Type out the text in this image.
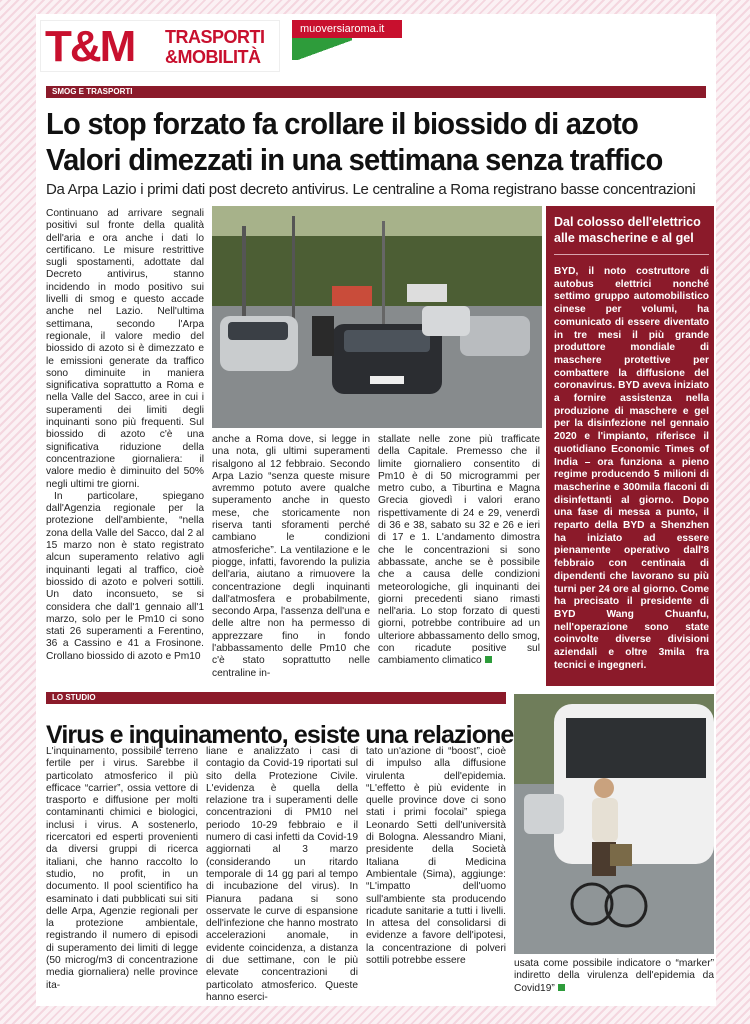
T&M TRASPORTI
&MOBILITÀ
muoversiaroma.it
SMOG E TRASPORTI
Lo stop forzato fa crollare il biossido di azoto
Valori dimezzati in una settimana senza traffico
Da Arpa Lazio i primi dati post decreto antivirus. Le centraline a Roma registrano basse concentrazioni

Continuano ad arrivare segnali positivi sul fronte della qualità dell'aria e ora anche i dati lo certificano. Le misure restrittive sugli spostamenti, adottate dal Decreto antivirus, stanno incidendo in modo positivo sui livelli di smog e questo accade anche nel Lazio. Nell'ultima settimana, secondo l'Arpa regionale, il valore medio del biossido di azoto si è dimezzato e le emissioni generate da traffico sono diminuite in maniera significativa soprattutto a Roma e nella Valle del Sacco, aree in cui i superamenti dei limiti degli inquinanti sono più frequenti. Sul biossido di azoto c'è una significativa riduzione della concentrazione giornaliera: il valore medio è diminuito del 50% negli ultimi tre giorni.

In particolare, spiegano dall'Agenzia regionale per la protezione dell'ambiente, “nella zona della Valle del Sacco, dal 2 al 15 marzo non è stato registrato alcun superamento relativo agli inquinanti legati al traffico, cioè biossido di azoto e polveri sottili. Un dato inconsueto, se si considera che dall'1 gennaio all'1 marzo, solo per le Pm10 ci sono stati 26 superamenti a Ferentino, 36 a Cassino e 41 a Frosinone. Crollano biossido di azoto e Pm10

anche a Roma dove, si legge in una nota, gli ultimi superamenti risalgono al 12 febbraio. Secondo Arpa Lazio “senza queste misure avremmo potuto avere qualche superamento anche in questo mese, che storicamente non riserva tanti sforamenti perché cambiano le condizioni atmosferiche”. La ventilazione e le piogge, infatti, favorendo la pulizia dell'aria, aiutano a rimuovere la concentrazione degli inquinanti dall'atmosfera e probabilmente, secondo Arpa, l'assenza dell'una e delle altre non ha permesso di apprezzare fino in fondo l'abbassamento delle Pm10 che c'è stato soprattutto nelle centraline in-
stallate nelle zone più trafficate della Capitale. Premesso che il limite giornaliero consentito di Pm10 è di 50 microgrammi per metro cubo, a Tiburtina e Magna Grecia giovedì i valori erano rispettivamente di 24 e 29, venerdì di 36 e 38, sabato su 32 e 26 e ieri di 17 e 1. L'andamento dimostra che le concentrazioni si sono abbassate, anche se è possibile che a causa delle condizioni meteorologiche, gli inquinanti dei giorni precedenti siano rimasti nell'aria. Lo stop forzato di questi giorni, potrebbe contribuire ad un ulteriore abbassamento dello smog, con ricadute positive sul cambiamento climatico
Dal colosso dell'elettrico alle mascherine e al gel
BYD, il noto costruttore di autobus elettrici nonché settimo gruppo automobilistico cinese per volumi, ha comunicato di essere diventato in tre mesi il più grande produttore mondiale di maschere protettive per combattere la diffusione del coronavirus. BYD aveva iniziato a fornire assistenza nella produzione di maschere e gel per la disinfezione nel gennaio 2020 e l'impianto, riferisce il quotidiano Economic Times of India – ora funziona a pieno regime producendo 5 milioni di mascherine e 300mila flaconi di disinfettanti al giorno. Dopo una fase di messa a punto, il reparto della BYD a Shenzhen ha iniziato ad essere pienamente operativo dall'8 febbraio con centinaia di dipendenti che lavorano su più turni per 24 ore al giorno. Come ha precisato il presidente di BYD Wang Chuanfu, nell'operazione sono state coinvolte diverse divisioni aziendali e oltre 3mila fra tecnici e ingegneri.
LO STUDIO
Virus e inquinamento, esiste una relazione
L'inquinamento, possibile terreno fertile per i virus. Sarebbe il particolato atmosferico il più efficace “carrier”, ossia vettore di trasporto e diffusione per molti contaminanti chimici e biologici, inclusi i virus. A sostenerlo, ricercatori ed esperti provenienti da diversi gruppi di ricerca italiani, che hanno raccolto lo studio, no profit, in un documento. Il pool scientifico ha esaminato i dati pubblicati sui siti delle Arpa, Agenzie regionali per la protezione ambientale, registrando il numero di episodi di superamento dei limiti di legge (50 microg/m3 di concentrazione media giornaliera) nelle province ita-
liane e analizzato i casi di contagio da Covid-19 riportati sul sito della Protezione Civile. L'evidenza è quella della relazione tra i superamenti delle concentrazioni di PM10 nel periodo 10-29 febbraio e il numero di casi infetti da Covid-19 aggiornati al 3 marzo (considerando un ritardo temporale di 14 gg pari al tempo di incubazione del virus). In Pianura padana si sono osservate le curve di espansione dell'infezione che hanno mostrato accelerazioni anomale, in evidente coincidenza, a distanza di due settimane, con le più elevate concentrazioni di particolato atmosferico. Queste hanno eserci-
tato un'azione di “boost”, cioè di impulso alla diffusione virulenta dell'epidemia. “L'effetto è più evidente in quelle province dove ci sono stati i primi focolai” spiega Leonardo Setti dell'università di Bologna. Alessandro Miani, presidente della Società Italiana di Medicina Ambientale (Sima), aggiunge: “L'impatto dell'uomo sull'ambiente sta producendo ricadute sanitarie a tutti i livelli. In attesa del consolidarsi di evidenze a favore dell'ipotesi, la concentrazione di polveri sottili potrebbe essere	usata come possibile indicatore o “marker” indiretto della virulenza dell'epidemia da Covid19”
